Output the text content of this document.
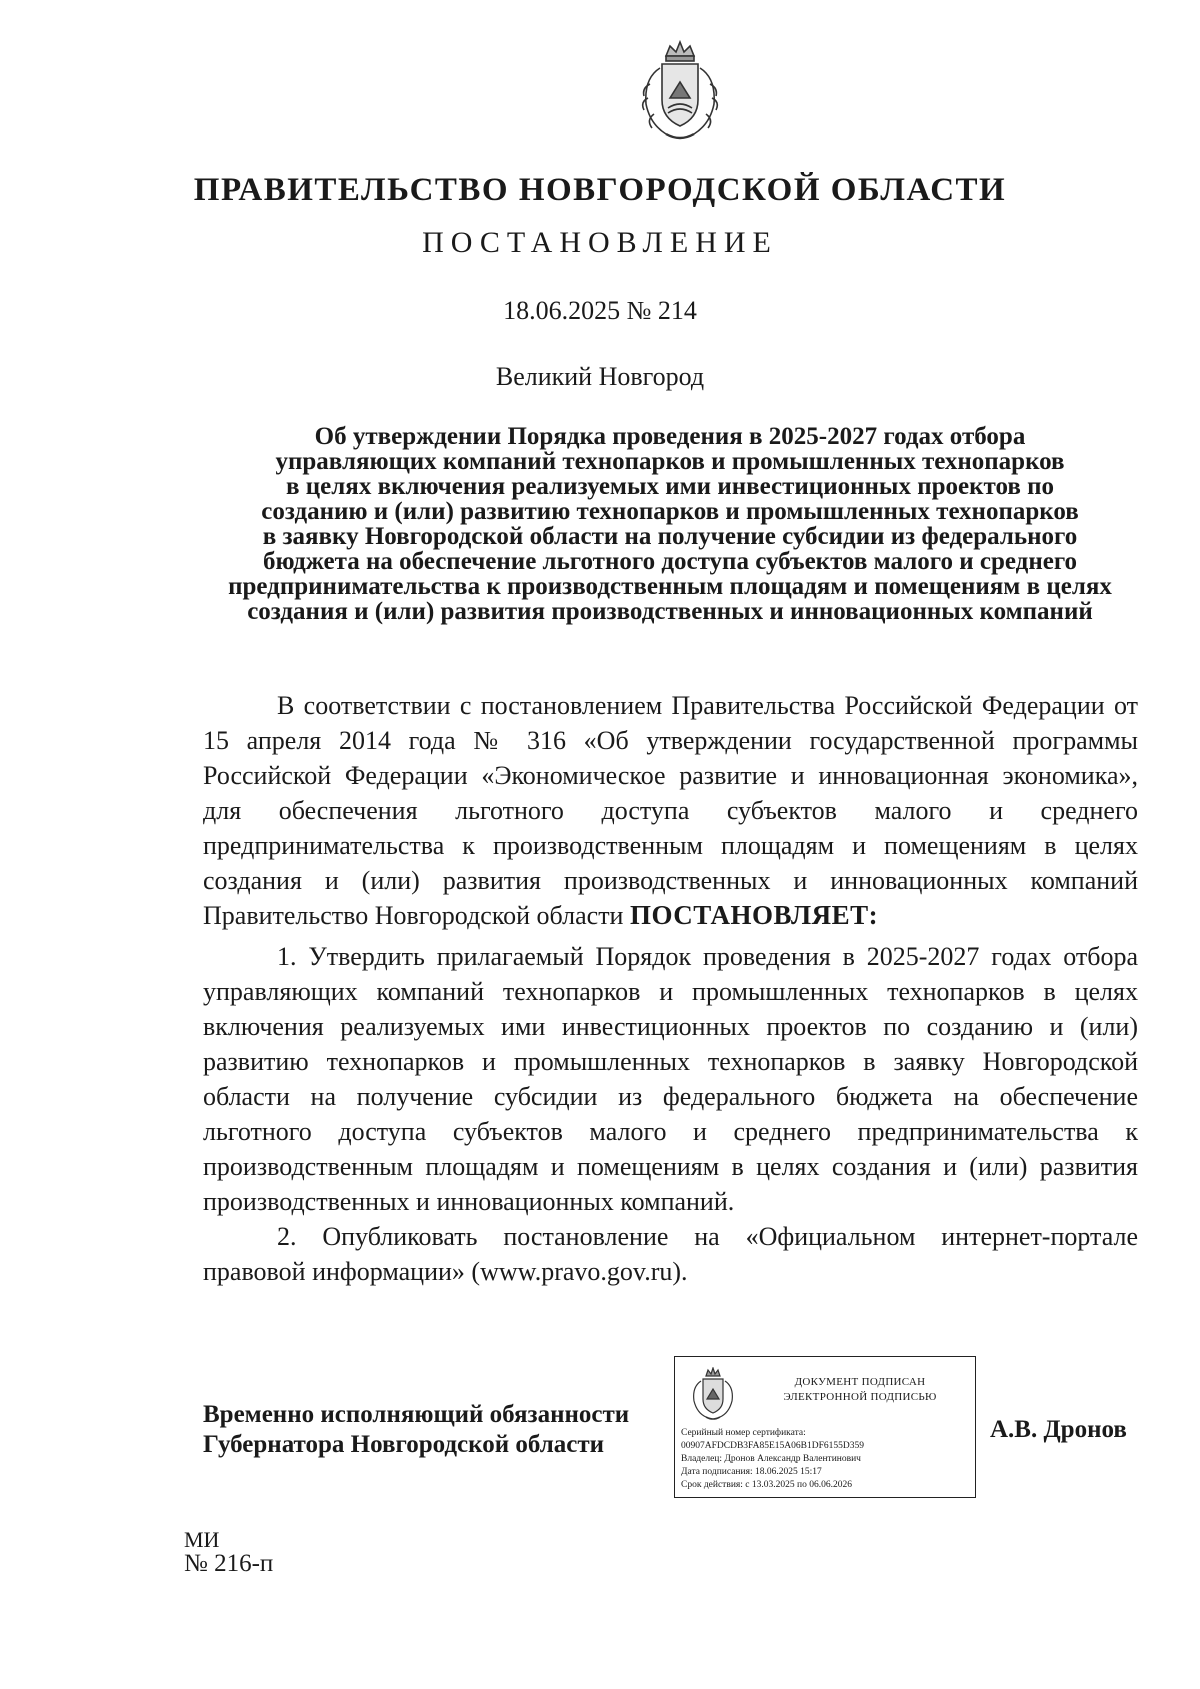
ПРАВИТЕЛЬСТВО НОВГОРОДСКОЙ ОБЛАСТИ
ПОСТАНОВЛЕНИЕ
18.06.2025 № 214
Великий Новгород
Об утверждении Порядка проведения в 2025-2027 годах отбора
управляющих компаний технопарков и промышленных технопарков
в целях включения реализуемых ими инвестиционных проектов по
созданию и (или) развитию технопарков и промышленных технопарков
в заявку Новгородской области на получение субсидии из федерального
бюджета на обеспечение льготного доступа субъектов малого и среднего
предпринимательства к производственным площадям и помещениям в целях
создания и (или) развития производственных и инновационных компаний

В соответствии с постановлением Правительства Российской Федерации от 15 апреля 2014 года № 316 «Об утверждении государственной программы Российской Федерации «Экономическое развитие и инновационная экономика», для обеспечения льготного доступа субъектов малого и среднего предпринимательства к производственным площадям и помещениям в целях создания и (или) развития производственных и инновационных компаний Правительство Новгородской области ПОСТАНОВЛЯЕТ:

1. Утвердить прилагаемый Порядок проведения в 2025-2027 годах отбора управляющих компаний технопарков и промышленных технопарков в целях включения реализуемых ими инвестиционных проектов по созданию и (или) развитию технопарков и промышленных технопарков в заявку Новгородской области на получение субсидии из федерального бюджета на обеспечение льготного доступа субъектов малого и среднего предпринимательства к производственным площадям и помещениям в целях создания и (или) развития производственных и инновационных компаний.

2. Опубликовать постановление на «Официальном интернет-портале правовой информации» (www.pravo.gov.ru).

Временно исполняющий обязанности
Губернатора Новгородской области
ДОКУМЕНТ ПОДПИСАН
ЭЛЕКТРОННОЙ ПОДПИСЬЮ
Серийный номер сертификата:
00907AFDCDB3FA85E15A06B1DF6155D359
Владелец: Дронов Александр Валентинович
Дата подписания: 18.06.2025 15:17
Срок действия: с 13.03.2025 по 06.06.2026
А.В. Дронов
МИ
№ 216-п
